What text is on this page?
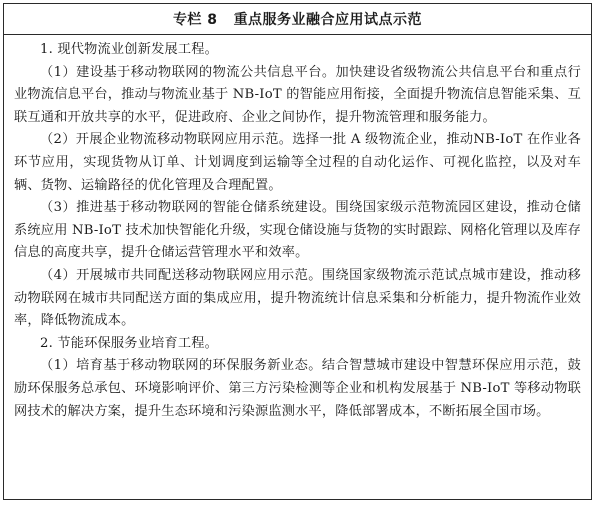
专栏 8 重点服务业融合应用试点示范

1. 现代物流业创新发展工程。

（1）建设基于移动物联网的物流公共信息平台。加快建设省级物流公共信息平台和重点行业物流信息平台，推动与物流业基于 NB-IoT 的智能应用衔接，全面提升物流信息智能采集、互联互通和开放共享的水平，促进政府、企业之间协作，提升物流管理和服务能力。

（2）开展企业物流移动物联网应用示范。选择一批 A 级物流企业，推动NB-IoT 在作业各环节应用，实现货物从订单、计划调度到运输等全过程的自动化运作、可视化监控，以及对车辆、货物、运输路径的优化管理及合理配置。

（3）推进基于移动物联网的智能仓储系统建设。围绕国家级示范物流园区建设，推动仓储系统应用 NB-IoT 技术加快智能化升级，实现仓储设施与货物的实时跟踪、网格化管理以及库存信息的高度共享，提升仓储运营管理水平和效率。

（4）开展城市共同配送移动物联网应用示范。围绕国家级物流示范试点城市建设，推动移动物联网在城市共同配送方面的集成应用，提升物流统计信息采集和分析能力，提升物流作业效率，降低物流成本。

2. 节能环保服务业培育工程。

（1）培育基于移动物联网的环保服务新业态。结合智慧城市建设中智慧环保应用示范，鼓励环保服务总承包、环境影响评价、第三方污染检测等企业和机构发展基于 NB-IoT 等移动物联网技术的解决方案，提升生态环境和污染源监测水平，降低部署成本，不断拓展全国市场。
